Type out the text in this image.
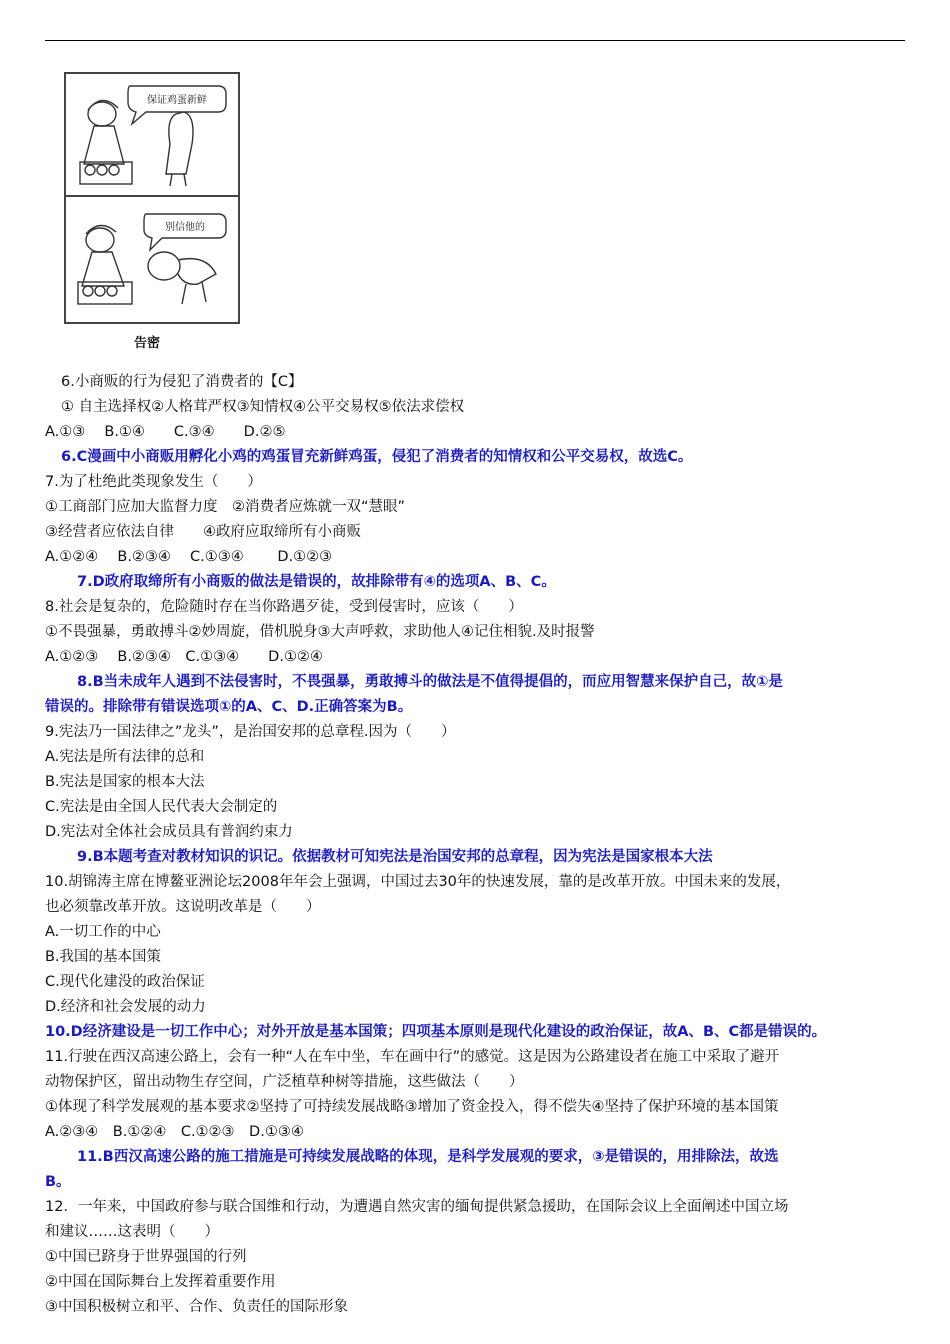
保证鸡蛋新鲜
别信他的
告密
6.小商贩的行为侵犯了消费者的【C】
① 自主选择权②人格茸严权③知情权④公平交易权⑤依法求偿权
A.①③　 B.①④　　C.③④　　D.②⑤
6.C漫画中小商贩用孵化小鸡的鸡蛋冒充新鲜鸡蛋，侵犯了消费者的知情权和公平交易权，故选C。
7.为了杜绝此类现象发生（　　）
①工商部门应加大监督力度　②消费者应炼就一双“慧眼”
③经营者应依法自律　　④政府应取缔所有小商贩
A.①②④　 B.②③④　 C.①③④　　 D.①②③
7.D政府取缔所有小商贩的做法是错误的，故排除带有④的选项A、B、C。
8.社会是复杂的，危险随时存在当你路遇歹徒，受到侵害时，应该（　　）
①不畏强暴，勇敢搏斗②妙周旋，借机脱身③大声呼救，求助他人④记住相貌.及时报警
A.①②③　 B.②③④　C.①③④　　D.①②④
8.B当未成年人遇到不法侵害时，不畏强暴，勇敢搏斗的做法是不值得提倡的，而应用智慧来保护自己，故①是
错误的。排除带有错误选项①的A、C、D.正确答案为B。
9.宪法乃一国法律之”龙头”，是治国安邦的总章程.因为（　　）
A.宪法是所有法律的总和
B.宪法是国家的根本大法
C.宪法是由全国人民代表大会制定的
D.宪法对全体社会成员具有普润约束力
9.B本题考查对教材知识的识记。依据教材可知宪法是治国安邦的总章程，因为宪法是国家根本大法
10.胡锦涛主席在博鳌亚洲论坛2008年年会上强调，中国过去30年的快速发展，靠的是改革开放。中国未来的发展，
也必须靠改革开放。这说明改革是（　　）
A.一切工作的中心
B.我国的基本国策
C.现代化建没的政治保证
D.经济和社会发展的动力
10.D经济建设是一切工作中心；对外开放是基本国策；四项基本原则是现代化建设的政治保证，故A、B、C都是错误的。
11.行驶在西汉高速公路上，会有一种“人在车中坐，车在画中行”的感觉。这是因为公路建设者在施工中采取了避开
动物保护区，留出动物生存空间，广泛植草种树等措施，这些做法（　　）
①体现了科学发展观的基本要求②坚持了可持续发展战略③增加了资金投入，得不偿失④坚持了保护环境的基本国策
A.②③④　B.①②④　C.①②③　D.①③④
11.B西汉高速公路的施工措施是可持续发展战略的体现，是科学发展观的要求，③是错误的，用排除法，故选
B。
12．一年来，中国政府参与联合国维和行动，为遭遇自然灾害的缅甸提供紧急援助，在国际会议上全面阐述中国立场
和建议……这表明（　　）
①中国已跻身于世界强国的行列
②中国在国际舞台上发挥着重要作用
③中国积极树立和平、合作、负责任的国际形象
